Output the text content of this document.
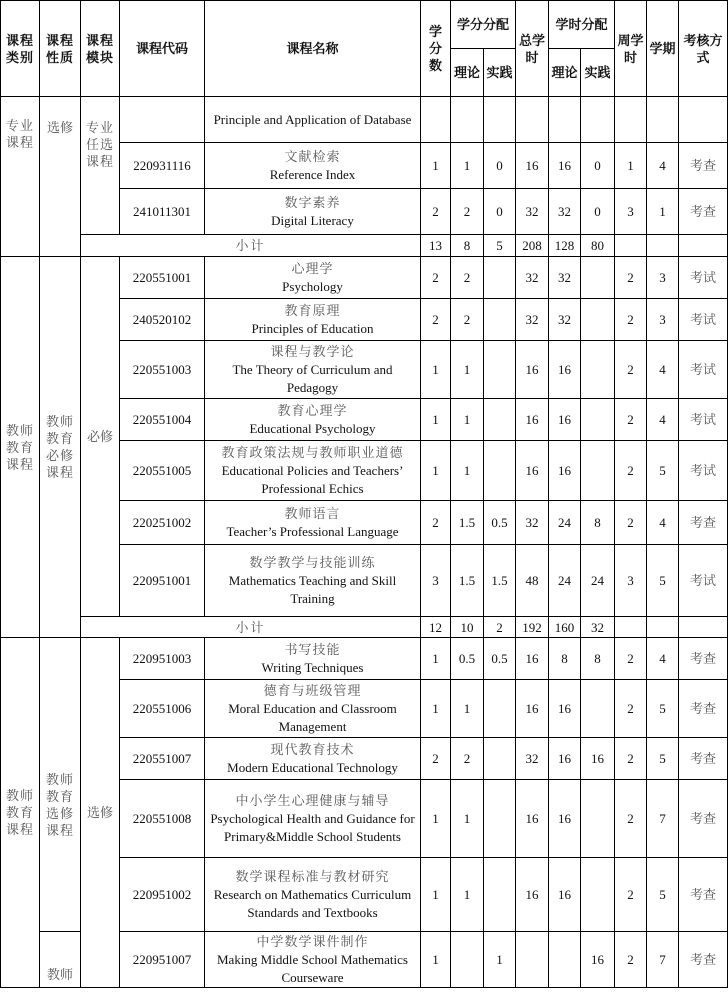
课程类别	课程性质	课程模块	课程代码	课程名称	学分数	学分分配		总学时	学时分配		周学时	学期	考核方式
						理论	实践		理论	实践			
专业课程	选修	专业任选课程		Principle and Application of Database									

			220931116	文献检索
Reference Index	1	1	0	16	16	0	1	4	考查
			241011301	数字素养
Digital Literacy	2	2	0	32	32	0	3	1	考查
		小计			13	8	5	208	128	80			
教师教育课程	教师教育必修课程	必修	220551001	心理学
Psychology	2	2		32	32		2	3	考试
			240520102	教育原理
Principles of Education	2	2		32	32		2	3	考试
			220551003	课程与教学论
The Theory of Curriculum and Pedagogy	1	1		16	16		2	4	考试
			220551004	教育心理学
Educational Psychology	1	1		16	16		2	4	考试
			220551005	教育政策法规与教师职业道德
Educational Policies and Teachers’ Professional Echics	1	1		16	16		2	5	考试
			220251002	教师语言
Teacher’s Professional Language	2	1.5	0.5	32	24	8	2	4	考查
			220951001	数学教学与技能训练
Mathematics Teaching and Skill Training	3	1.5	1.5	48	24	24	3	5	考试
		小计			12	10	2	192	160	32			
教师教育课程	教师教育选修课程	选修	220951003	书写技能
Writing Techniques	1	0.5	0.5	16	8	8	2	4	考查
			220551006	德育与班级管理
Moral Education and Classroom Management	1	1		16	16		2	5	考查
			220551007	现代教育技术
Modern Educational Technology	2	2		32	16	16	2	5	考查
			220551008	中小学生心理健康与辅导
Psychological Health and Guidance for Primary&Middle School Students	1	1		16	16		2	7	考查
			220951002	数学课程标准与教材研究
Research on Mathematics Curriculum Standards and Textbooks	1	1		16	16		2	5	考查
	教师		220951007	中学数学课件制作
Making Middle School Mathematics Courseware	1		1			16	2	7	考查
